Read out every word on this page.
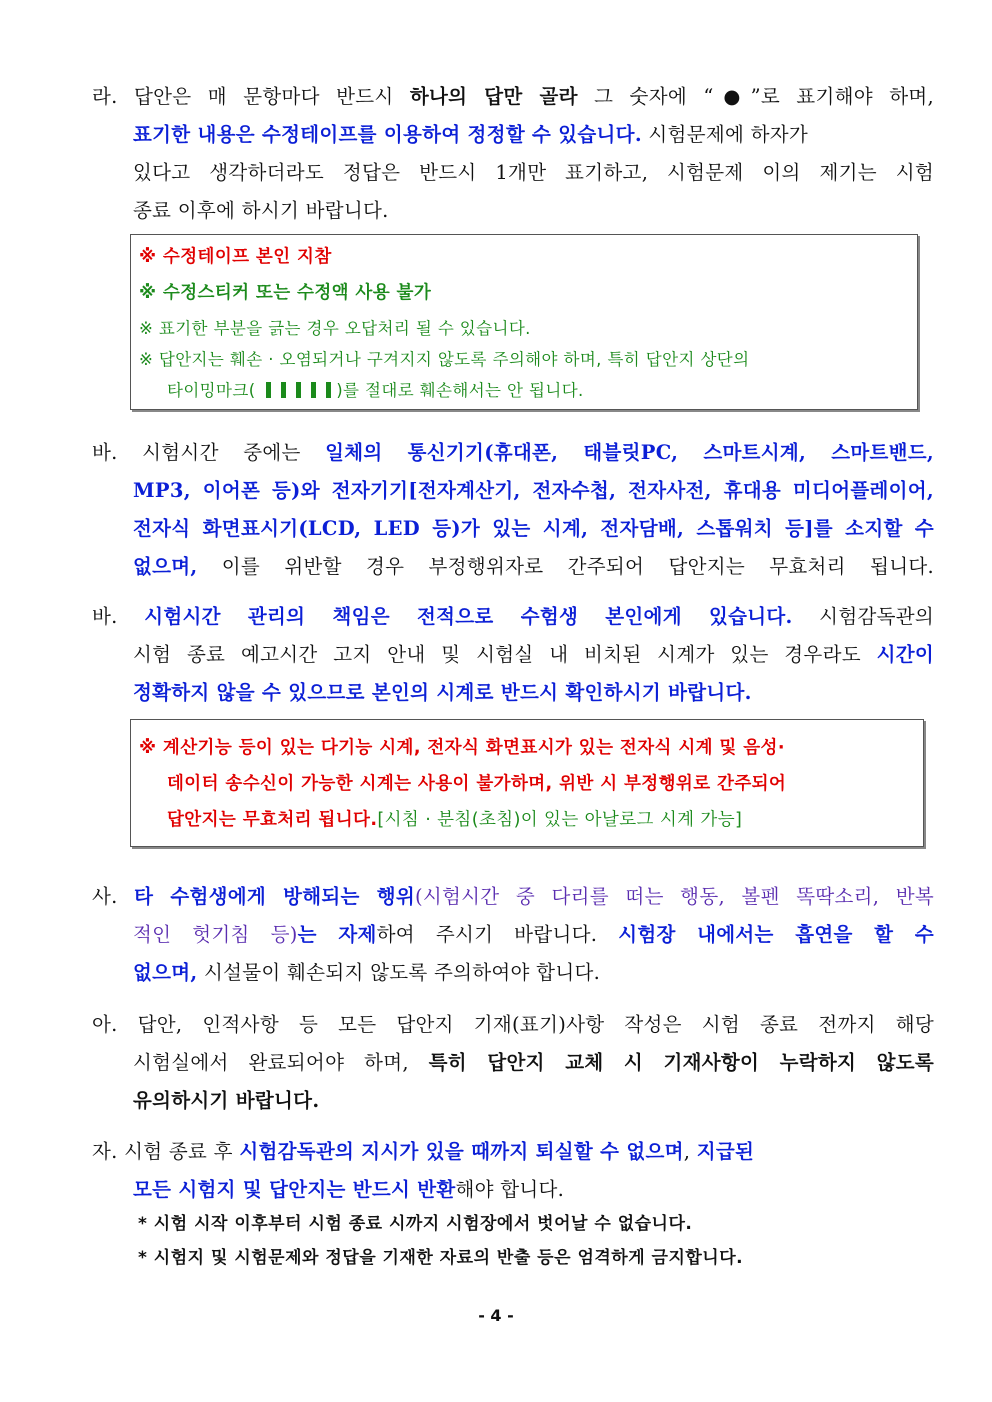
라. 답안은 매 문항마다 반드시 하나의 답만 골라 그 숫자에 “●”로 표기해야 하며,
표기한 내용은 수정테이프를 이용하여 정정할 수 있습니다. 시험문제에 하자가
있다고 생각하더라도 정답은 반드시 1개만 표기하고, 시험문제 이의 제기는 시험
종료 이후에 하시기 바랍니다.
※ 수정테이프 본인 지참
※ 수정스티커 또는 수정액 사용 불가
※ 표기한 부분을 긁는 경우 오답처리 될 수 있습니다.
※ 답안지는 훼손 · 오염되거나 구겨지지 않도록 주의해야 하며, 특히 답안지 상단의
타이밍마크(	)를 절대로 훼손해서는 안 됩니다.
바. 시험시간 중에는 일체의 통신기기(휴대폰, 태블릿PC, 스마트시계, 스마트밴드,
MP3, 이어폰 등)와 전자기기[전자계산기, 전자수첩, 전자사전, 휴대용 미디어플레이어,
전자식 화면표시기(LCD, LED 등)가 있는 시계, 전자담배, 스톱워치 등]를 소지할 수
없으며, 이를 위반할 경우 부정행위자로 간주되어 답안지는 무효처리 됩니다.
바. 시험시간 관리의 책임은 전적으로 수험생 본인에게 있습니다. 시험감독관의
시험 종료 예고시간 고지 안내 및 시험실 내 비치된 시계가 있는 경우라도 시간이
정확하지 않을 수 있으므로 본인의 시계로 반드시 확인하시기 바랍니다.
※ 계산기능 등이 있는 다기능 시계, 전자식 화면표시가 있는 전자식 시계 및 음성·
데이터 송수신이 가능한 시계는 사용이 불가하며, 위반 시 부정행위로 간주되어
답안지는 무효처리 됩니다.[시침 · 분침(초침)이 있는 아날로그 시계 가능]
사. 타 수험생에게 방해되는 행위(시험시간 중 다리를 떠는 행동, 볼펜 똑딱소리, 반복
적인 헛기침 등)는 자제하여 주시기 바랍니다. 시험장 내에서는 흡연을 할 수
없으며, 시설물이 훼손되지 않도록 주의하여야 합니다.
아. 답안, 인적사항 등 모든 답안지 기재(표기)사항 작성은 시험 종료 전까지 해당
시험실에서 완료되어야 하며, 특히 답안지 교체 시 기재사항이 누락하지 않도록
유의하시기 바랍니다.
자. 시험 종료 후 시험감독관의 지시가 있을 때까지 퇴실할 수 없으며, 지급된
모든 시험지 및 답안지는 반드시 반환해야 합니다.
* 시험 시작 이후부터 시험 종료 시까지 시험장에서 벗어날 수 없습니다.
* 시험지 및 시험문제와 정답을 기재한 자료의 반출 등은 엄격하게 금지합니다.
- 4 -
